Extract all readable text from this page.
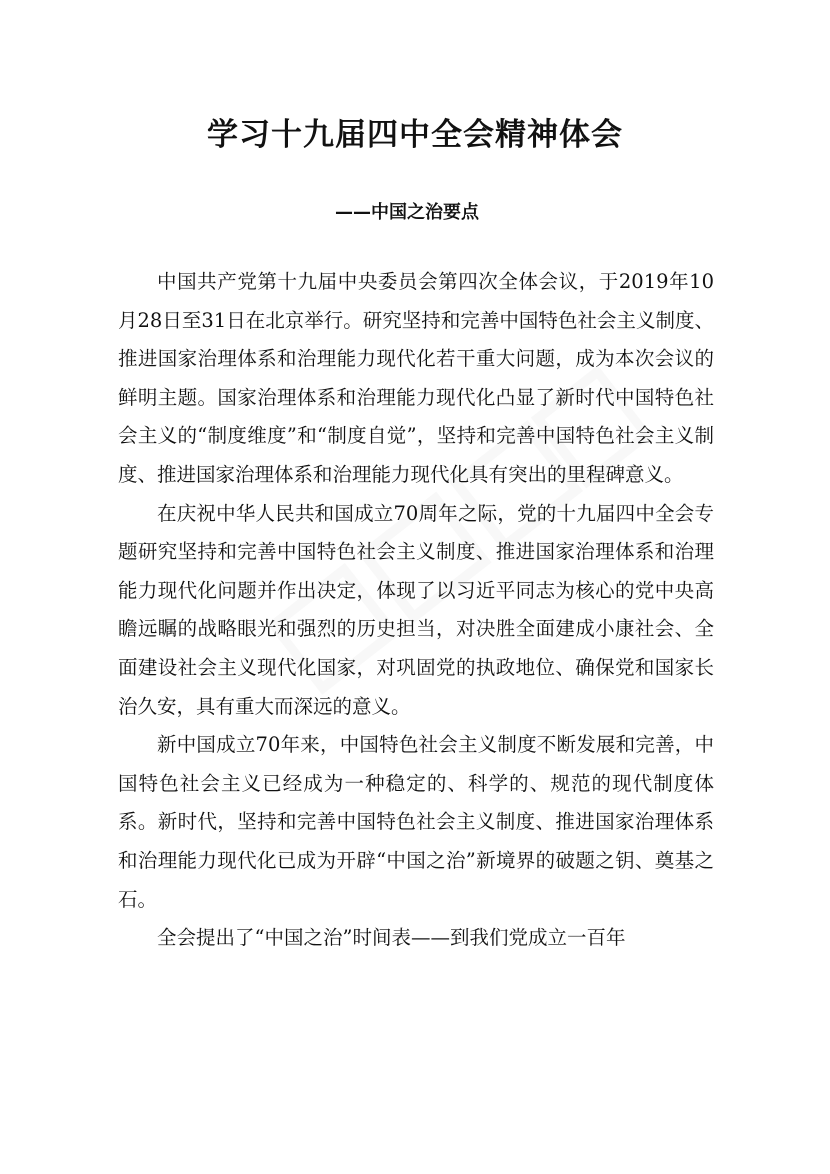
学习十九届四中全会精神体会
——中国之治要点

中国共产党第十九届中央委员会第四次全体会议，于2019年10月28日至31日在北京举行。研究坚持和完善中国特色社会主义制度、推进国家治理体系和治理能力现代化若干重大问题，成为本次会议的鲜明主题。国家治理体系和治理能力现代化凸显了新时代中国特色社会主义的“制度维度”和“制度自觉”，坚持和完善中国特色社会主义制度、推进国家治理体系和治理能力现代化具有突出的里程碑意义。

在庆祝中华人民共和国成立70周年之际，党的十九届四中全会专题研究坚持和完善中国特色社会主义制度、推进国家治理体系和治理能力现代化问题并作出决定，体现了以习近平同志为核心的党中央高瞻远瞩的战略眼光和强烈的历史担当，对决胜全面建成小康社会、全面建设社会主义现代化国家，对巩固党的执政地位、确保党和国家长治久安，具有重大而深远的意义。

新中国成立70年来，中国特色社会主义制度不断发展和完善，中国特色社会主义已经成为一种稳定的、科学的、规范的现代制度体系。新时代，坚持和完善中国特色社会主义制度、推进国家治理体系和治理能力现代化已成为开辟“中国之治”新境界的破题之钥、奠基之石。

全会提出了“中国之治”时间表——到我们党成立一百年
